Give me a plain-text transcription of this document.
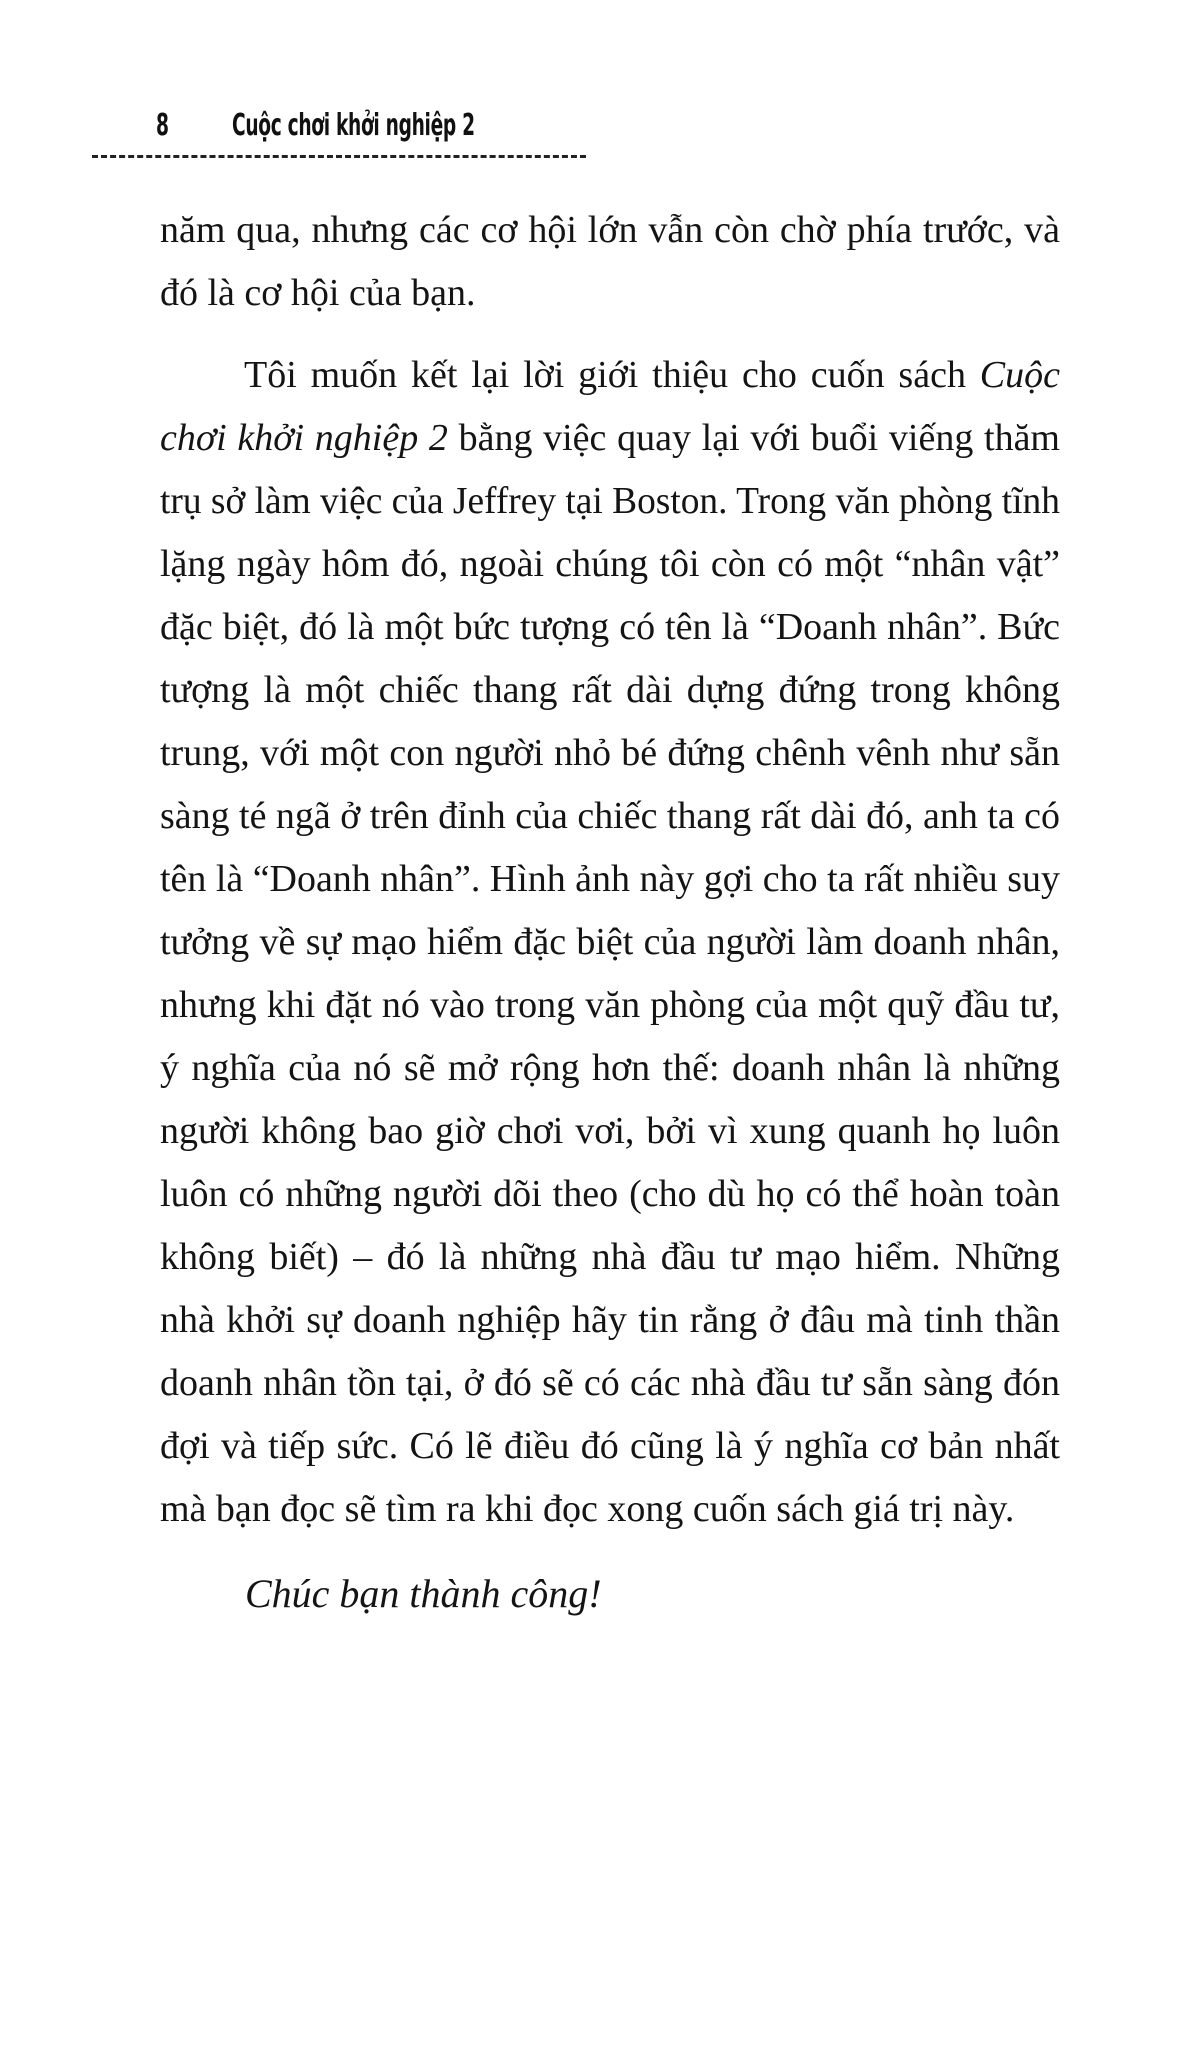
8 Cuộc chơi khởi nghiệp 2
năm qua, nhưng các cơ hội lớn vẫn còn chờ phía trước, và
đó là cơ hội của bạn.
Tôi muốn kết lại lời giới thiệu cho cuốn sách Cuộc
chơi khởi nghiệp 2 bằng việc quay lại với buổi viếng thăm
trụ sở làm việc của Jeffrey tại Boston. Trong văn phòng tĩnh
lặng ngày hôm đó, ngoài chúng tôi còn có một “nhân vật”
đặc biệt, đó là một bức tượng có tên là “Doanh nhân”. Bức
tượng là một chiếc thang rất dài dựng đứng trong không
trung, với một con người nhỏ bé đứng chênh vênh như sẵn
sàng té ngã ở trên đỉnh của chiếc thang rất dài đó, anh ta có
tên là “Doanh nhân”. Hình ảnh này gợi cho ta rất nhiều suy
tưởng về sự mạo hiểm đặc biệt của người làm doanh nhân,
nhưng khi đặt nó vào trong văn phòng của một quỹ đầu tư,
ý nghĩa của nó sẽ mở rộng hơn thế: doanh nhân là những
người không bao giờ chơi vơi, bởi vì xung quanh họ luôn
luôn có những người dõi theo (cho dù họ có thể hoàn toàn
không biết) – đó là những nhà đầu tư mạo hiểm. Những
nhà khởi sự doanh nghiệp hãy tin rằng ở đâu mà tinh thần
doanh nhân tồn tại, ở đó sẽ có các nhà đầu tư sẵn sàng đón
đợi và tiếp sức. Có lẽ điều đó cũng là ý nghĩa cơ bản nhất
mà bạn đọc sẽ tìm ra khi đọc xong cuốn sách giá trị này.
Chúc bạn thành công!
